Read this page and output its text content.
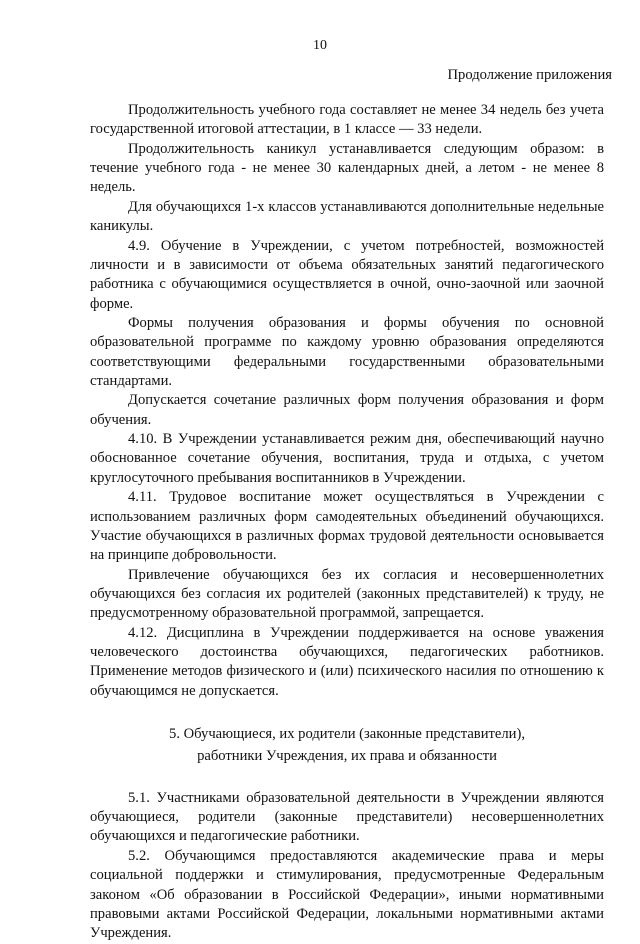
10
Продолжение приложения

Продолжительность учебного года составляет не менее 34 недель без учета государственной итоговой аттестации, в 1 классе — 33 недели.

Продолжительность каникул устанавливается следующим образом: в течение учебного года - не менее 30 календарных дней, а летом - не менее 8 недель.

Для обучающихся 1-х классов устанавливаются дополнительные недельные каникулы.

4.9. Обучение в Учреждении, с учетом потребностей, возможностей личности и в зависимости от объема обязательных занятий педагогического работника с обучающимися осуществляется в очной, очно-заочной или заочной форме.

Формы получения образования и формы обучения по основной образовательной программе по каждому уровню образования определяются соответствующими федеральными государственными образовательными стандартами.

Допускается сочетание различных форм получения образования и форм обучения.

4.10. В Учреждении устанавливается режим дня, обеспечивающий научно обоснованное сочетание обучения, воспитания, труда и отдыха, с учетом круглосуточного пребывания воспитанников в Учреждении.

4.11. Трудовое воспитание может осуществляться в Учреждении с использованием различных форм самодеятельных объединений обучающихся. Участие обучающихся в различных формах трудовой деятельности основывается на принципе добровольности.

Привлечение обучающихся без их согласия и несовершеннолетних обучающихся без согласия их родителей (законных представителей) к труду, не предусмотренному образовательной программой, запрещается.

4.12. Дисциплина в Учреждении поддерживается на основе уважения человеческого достоинства обучающихся, педагогических работников. Применение методов физического и (или) психического насилия по отношению к обучающимся не допускается.

5. Обучающиеся, их родители (законные представители),
работники Учреждения, их права и обязанности

5.1. Участниками образовательной деятельности в Учреждении являются обучающиеся, родители (законные представители) несовершеннолетних обучающихся и педагогические работники.

5.2. Обучающимся предоставляются академические права и меры социальной поддержки и стимулирования, предусмотренные Федеральным законом «Об образовании в Российской Федерации», иными нормативными правовыми актами Российской Федерации, локальными нормативными актами Учреждения.
